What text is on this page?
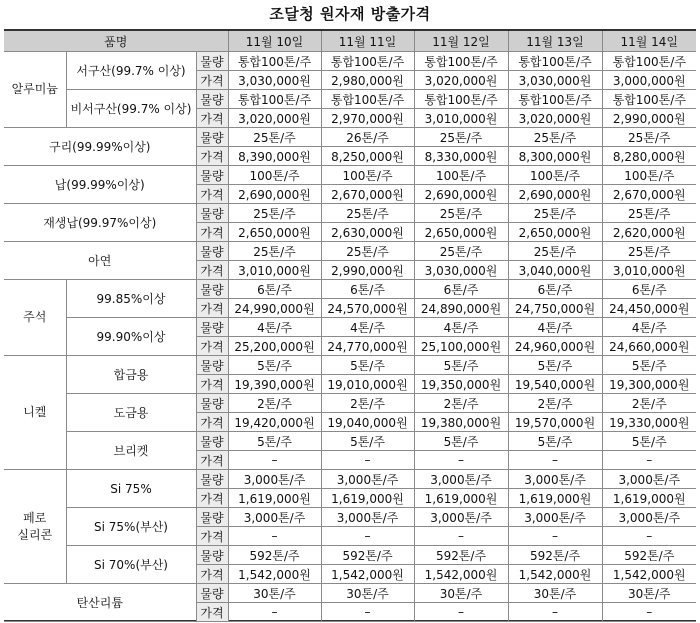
조달청 원자재 방출가격
품명			11월 10일	11월 11일	11월 12일	11월 13일	11월 14일
알루미늄	서구산(99.7% 이상)	물량	통합100톤/주	통합100톤/주	통합100톤/주	통합100톤/주	통합100톤/주
		가격	3,030,000원	2,980,000원	3,020,000원	3,030,000원	3,000,000원
	비서구산(99.7% 이상)	물량	통합100톤/주	통합100톤/주	통합100톤/주	통합100톤/주	통합100톤/주
		가격	3,020,000원	2,970,000원	3,010,000원	3,020,000원	2,990,000원
구리(99.99%이상)		물량	25톤/주	26톤/주	25톤/주	25톤/주	25톤/주
		가격	8,390,000원	8,250,000원	8,330,000원	8,300,000원	8,280,000원
납(99.99%이상)		물량	100톤/주	100톤/주	100톤/주	100톤/주	100톤/주
		가격	2,690,000원	2,670,000원	2,690,000원	2,690,000원	2,670,000원
재생납(99.97%이상)		물량	25톤/주	25톤/주	25톤/주	25톤/주	25톤/주
		가격	2,650,000원	2,630,000원	2,650,000원	2,650,000원	2,620,000원
아연		물량	25톤/주	25톤/주	25톤/주	25톤/주	25톤/주
		가격	3,010,000원	2,990,000원	3,030,000원	3,040,000원	3,010,000원
주석	99.85%이상	물량	6톤/주	6톤/주	6톤/주	6톤/주	6톤/주
		가격	24,990,000원	24,570,000원	24,890,000원	24,750,000원	24,450,000원
	99.90%이상	물량	4톤/주	4톤/주	4톤/주	4톤/주	4톤/주
		가격	25,200,000원	24,770,000원	25,100,000원	24,960,000원	24,660,000원
니켈	합금용	물량	5톤/주	5톤/주	5톤/주	5톤/주	5톤/주
		가격	19,390,000원	19,010,000원	19,350,000원	19,540,000원	19,300,000원
	도금용	물량	2톤/주	2톤/주	2톤/주	2톤/주	2톤/주
		가격	19,420,000원	19,040,000원	19,380,000원	19,570,000원	19,330,000원
	브리켓	물량	5톤/주	5톤/주	5톤/주	5톤/주	5톤/주
		가격	–	–	–	–	–
페로
실리콘	Si 75%	물량	3,000톤/주	3,000톤/주	3,000톤/주	3,000톤/주	3,000톤/주
		가격	1,619,000원	1,619,000원	1,619,000원	1,619,000원	1,619,000원
	Si 75%(부산)	물량	3,000톤/주	3,000톤/주	3,000톤/주	3,000톤/주	3,000톤/주
		가격	–	–	–	–	–
	Si 70%(부산)	물량	592톤/주	592톤/주	592톤/주	592톤/주	592톤/주
		가격	1,542,000원	1,542,000원	1,542,000원	1,542,000원	1,542,000원
탄산리튬		물량	30톤/주	30톤/주	30톤/주	30톤/주	30톤/주
		가격	–	–	–	–	–
